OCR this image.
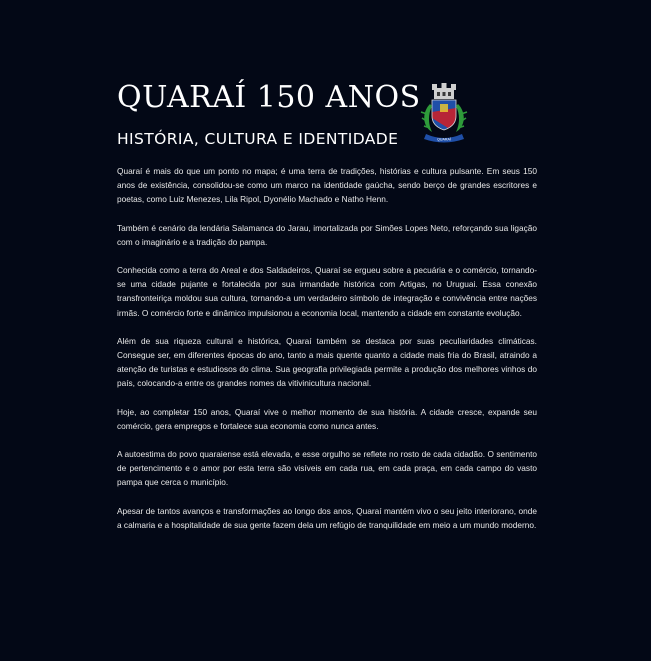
QUARAÍ 150 ANOS
HISTÓRIA, CULTURA E IDENTIDADE	QUARAÍ

Quaraí é mais do que um ponto no mapa; é uma terra de tradições, histórias e cultura pulsante. Em seus 150 anos de existência, consolidou-se como um marco na identidade gaúcha, sendo berço de grandes escritores e poetas, como Luiz Menezes, Lila Ripol, Dyonélio Machado e Natho Henn.

Também é cenário da lendária Salamanca do Jarau, imortalizada por Simões Lopes Neto, reforçando sua ligação com o imaginário e a tradição do pampa.

Conhecida como a terra do Areal e dos Saldadeiros, Quaraí se ergueu sobre a pecuária e o comércio, tornando-se uma cidade pujante e fortalecida por sua irmandade histórica com Artigas, no Uruguai. Essa conexão transfronteiriça moldou sua cultura, tornando-a um verdadeiro símbolo de integração e convivência entre nações irmãs. O comércio forte e dinâmico impulsionou a economia local, mantendo a cidade em constante evolução.

Além de sua riqueza cultural e histórica, Quaraí também se destaca por suas peculiaridades climáticas. Consegue ser, em diferentes épocas do ano, tanto a mais quente quanto a cidade mais fria do Brasil, atraindo a atenção de turistas e estudiosos do clima. Sua geografia privilegiada permite a produção dos melhores vinhos do país, colocando-a entre os grandes nomes da vitivinicultura nacional.

Hoje, ao completar 150 anos, Quaraí vive o melhor momento de sua história. A cidade cresce, expande seu comércio, gera empregos e fortalece sua economia como nunca antes.

A autoestima do povo quaraiense está elevada, e esse orgulho se reflete no rosto de cada cidadão. O sentimento de pertencimento e o amor por esta terra são visíveis em cada rua, em cada praça, em cada campo do vasto pampa que cerca o município.

Apesar de tantos avanços e transformações ao longo dos anos, Quaraí mantém vivo o seu jeito interiorano, onde a calmaria e a hospitalidade de sua gente fazem dela um refúgio de tranquilidade em meio a um mundo moderno.
